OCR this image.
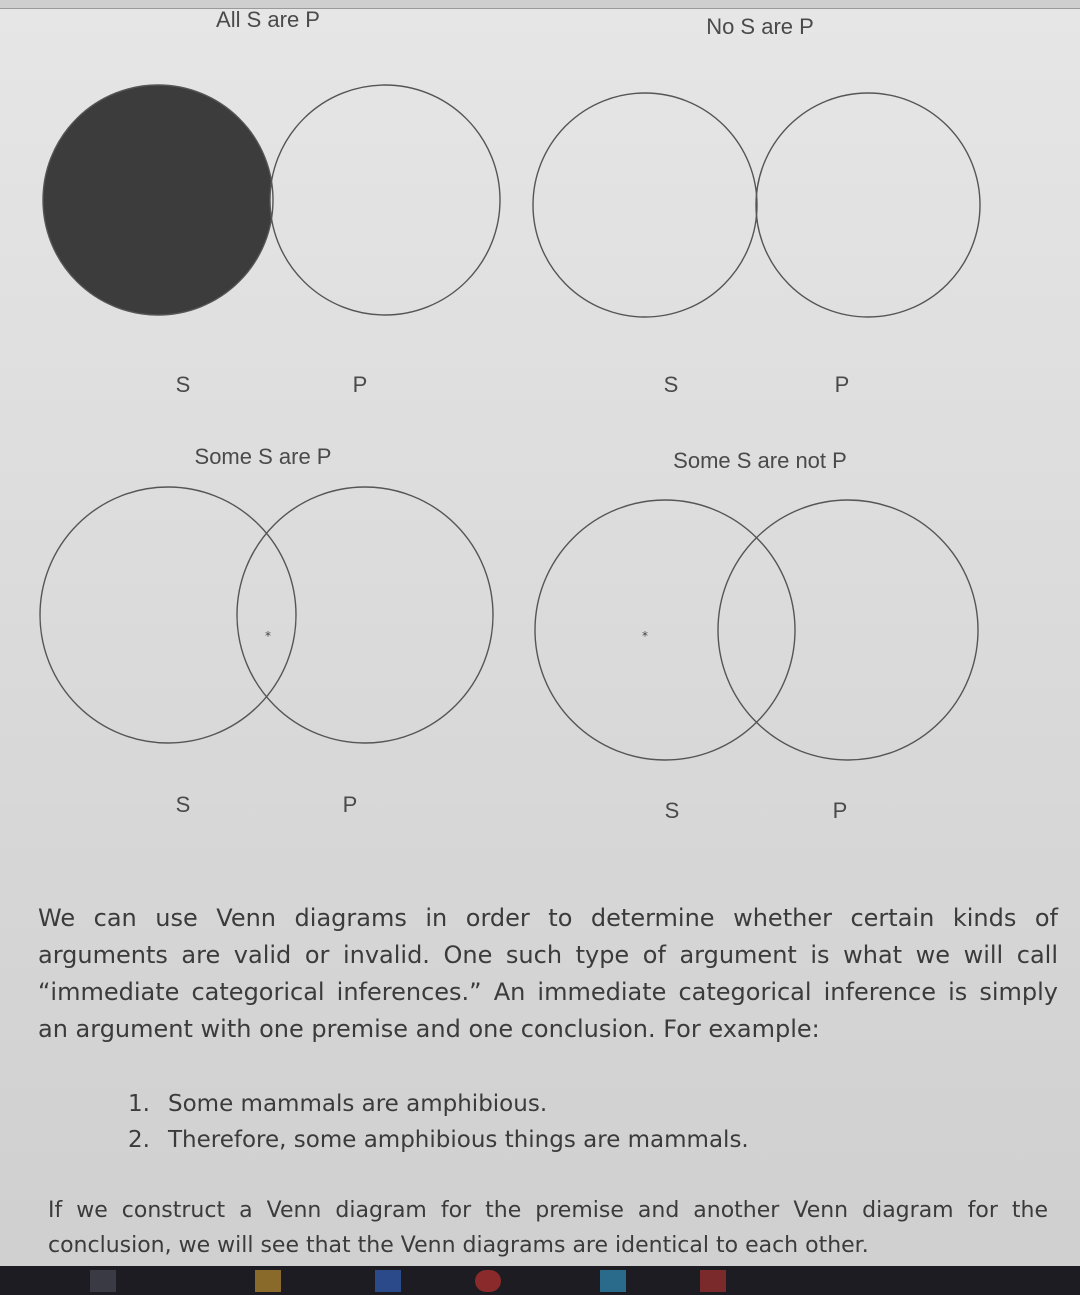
All S are P
S	P
No S are P
S	P
Some S are P
*
S	P
Some S are not P
*
S	P
We can use Venn diagrams in order to determine whether certain kinds of arguments are valid or invalid. One such type of argument is what we will call “immediate categorical inferences.” An immediate categorical inference is simply an argument with one premise and one conclusion. For example:
1. Some mammals are amphibious.
2. Therefore, some amphibious things are mammals.
If we construct a Venn diagram for the premise and another Venn diagram for the conclusion, we will see that the Venn diagrams are identical to each other.
